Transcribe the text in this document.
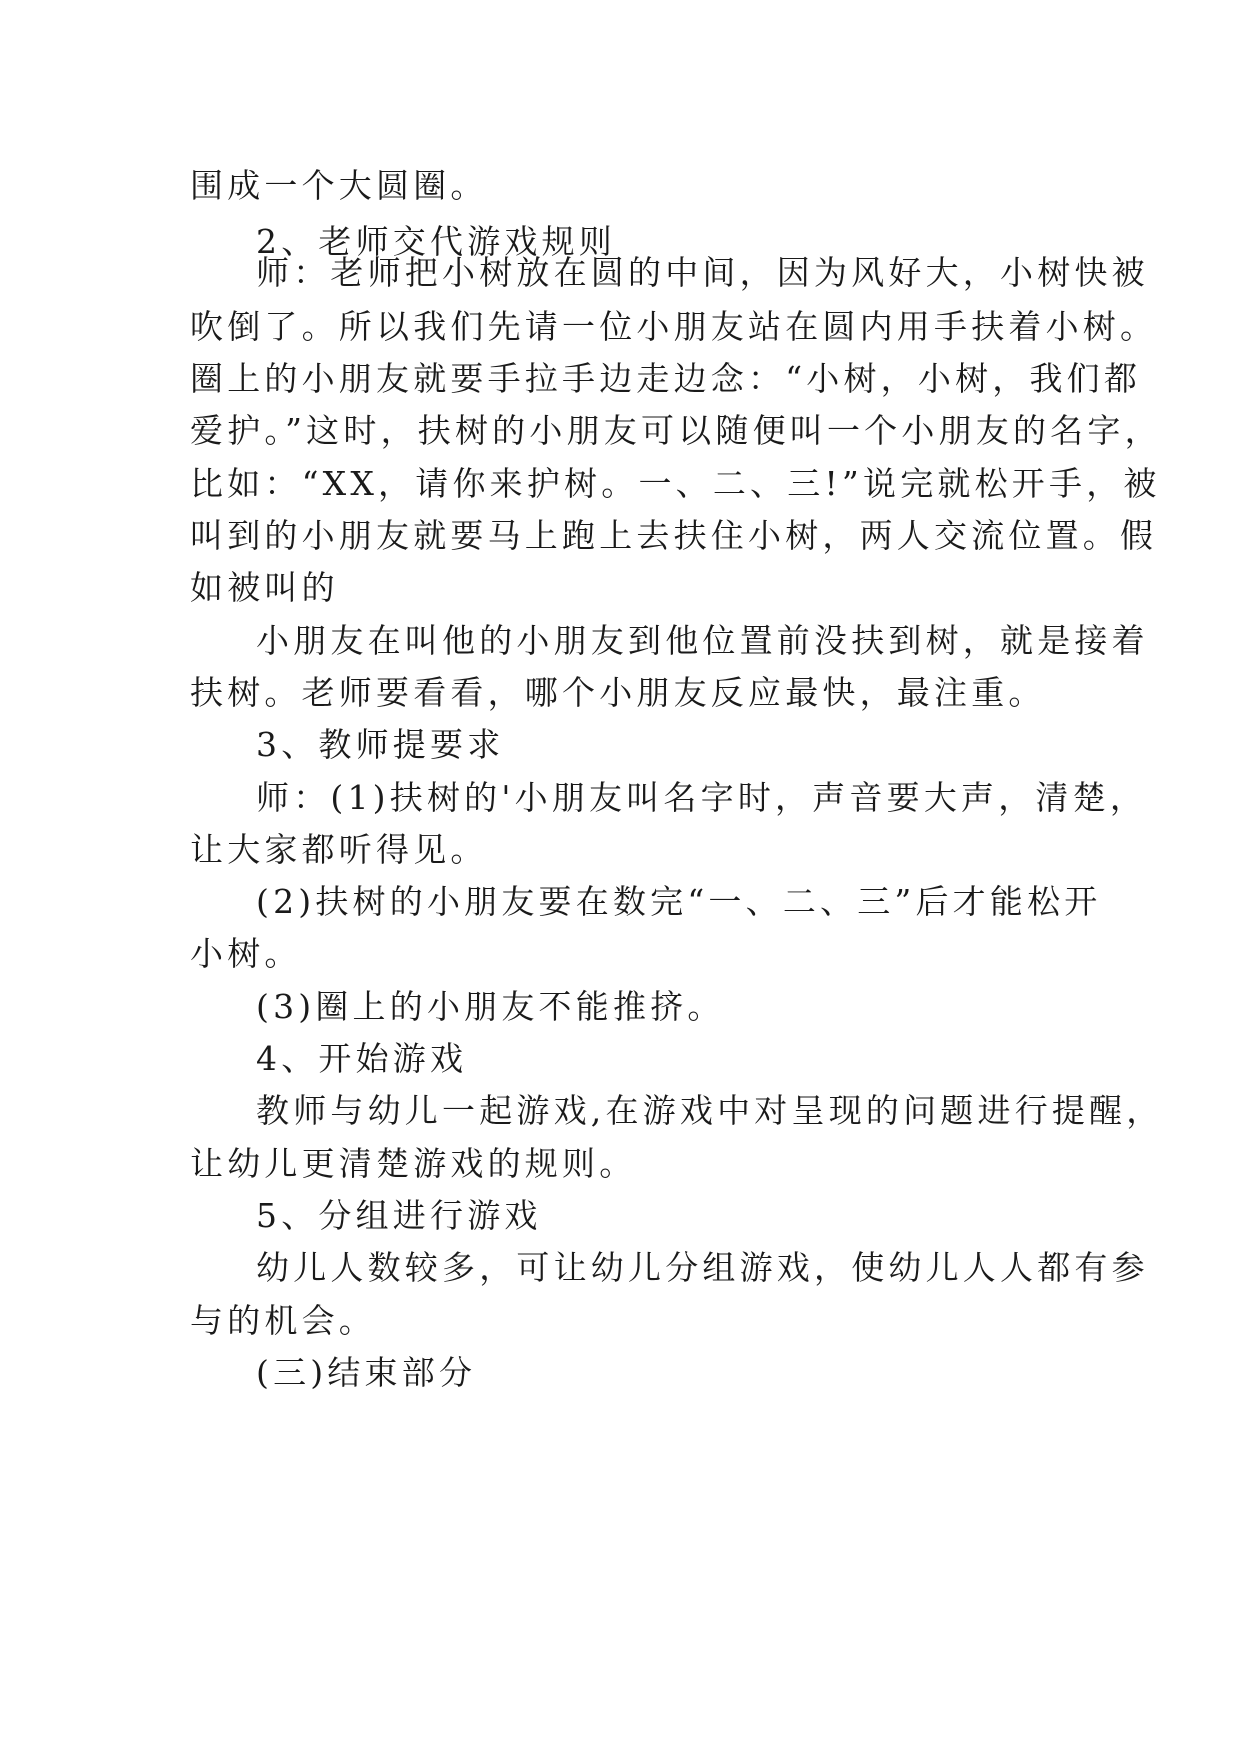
围成一个大圆圈。
2、老师交代游戏规则
师：老师把小树放在圆的中间，因为风好大，小树快被
吹倒了。所以我们先请一位小朋友站在圆内用手扶着小树。
圈上的小朋友就要手拉手边走边念：“小树，小树，我们都
爱护。”这时，扶树的小朋友可以随便叫一个小朋友的名字，
比如：“XX，请你来护树。一、二、三!”说完就松开手，被
叫到的小朋友就要马上跑上去扶住小树，两人交流位置。假
如被叫的
小朋友在叫他的小朋友到他位置前没扶到树，就是接着
扶树。老师要看看，哪个小朋友反应最快，最注重。
3、教师提要求
师：(1)扶树的'小朋友叫名字时，声音要大声，清楚，
让大家都听得见。
(2)扶树的小朋友要在数完“一、二、三”后才能松开
小树。
(3)圈上的小朋友不能推挤。
4、开始游戏
教师与幼儿一起游戏,在游戏中对呈现的问题进行提醒，
让幼儿更清楚游戏的规则。
5、分组进行游戏
幼儿人数较多，可让幼儿分组游戏，使幼儿人人都有参
与的机会。
(三)结束部分
